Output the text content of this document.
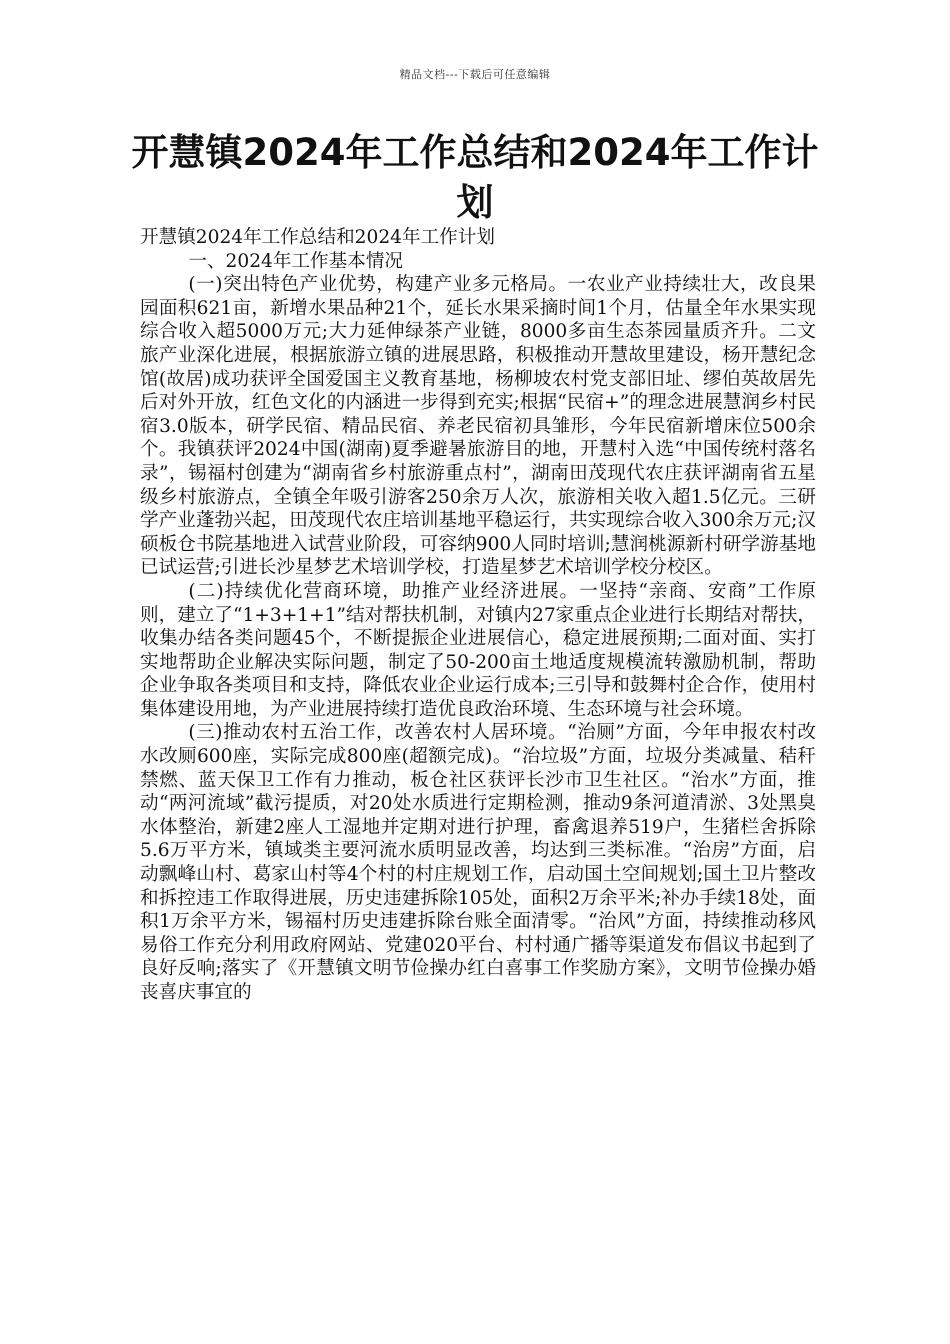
精品文档---下载后可任意编辑
开慧镇2024年工作总结和2024年工作计划

开慧镇2024年工作总结和2024年工作计划

一、2024年工作基本情况

(一)突出特色产业优势，构建产业多元格局。一农业产业持续壮大，改良果园面积621亩，新增水果品种21个，延长水果采摘时间1个月，估量全年水果实现综合收入超5000万元;大力延伸绿茶产业链，8000多亩生态茶园量质齐升。二文旅产业深化进展，根据旅游立镇的进展思路，积极推动开慧故里建设，杨开慧纪念馆(故居)成功获评全国爱国主义教育基地，杨柳坡农村党支部旧址、缪伯英故居先后对外开放，红色文化的内涵进一步得到充实;根据“民宿+”的理念进展慧润乡村民宿3.0版本，研学民宿、精品民宿、养老民宿初具雏形，今年民宿新增床位500余个。我镇获评2024中国(湖南)夏季避暑旅游目的地，开慧村入选“中国传统村落名录”，锡福村创建为“湖南省乡村旅游重点村”，湖南田茂现代农庄获评湖南省五星级乡村旅游点，全镇全年吸引游客250余万人次，旅游相关收入超1.5亿元。三研学产业蓬勃兴起，田茂现代农庄培训基地平稳运行，共实现综合收入300余万元;汉硕板仓书院基地进入试营业阶段，可容纳900人同时培训;慧润桃源新村研学游基地已试运营;引进长沙星梦艺术培训学校，打造星梦艺术培训学校分校区。

(二)持续优化营商环境，助推产业经济进展。一坚持“亲商、安商”工作原则，建立了“1+3+1+1”结对帮扶机制，对镇内27家重点企业进行长期结对帮扶，收集办结各类问题45个，不断提振企业进展信心，稳定进展预期;二面对面、实打实地帮助企业解决实际问题，制定了50-200亩土地适度规模流转激励机制，帮助企业争取各类项目和支持，降低农业企业运行成本;三引导和鼓舞村企合作，使用村集体建设用地，为产业进展持续打造优良政治环境、生态环境与社会环境。

(三)推动农村五治工作，改善农村人居环境。“治厕”方面，今年申报农村改水改厕600座，实际完成800座(超额完成)。“治垃圾”方面，垃圾分类减量、秸秆禁燃、蓝天保卫工作有力推动，板仓社区获评长沙市卫生社区。“治水”方面，推动“两河流域”截污提质，对20处水质进行定期检测，推动9条河道清淤、3处黑臭水体整治，新建2座人工湿地并定期对进行护理，畜禽退养519户，生猪栏舍拆除5.6万平方米，镇域类主要河流水质明显改善，均达到三类标准。“治房”方面，启动飘峰山村、葛家山村等4个村的村庄规划工作，启动国土空间规划;国土卫片整改和拆控违工作取得进展，历史违建拆除105处，面积2万余平米;补办手续18处，面积1万余平方米，锡福村历史违建拆除台账全面清零。“治风”方面，持续推动移风易俗工作充分利用政府网站、党建020平台、村村通广播等渠道发布倡议书起到了良好反响;落实了《开慧镇文明节俭操办红白喜事工作奖励方案》，文明节俭操办婚丧喜庆事宜的
